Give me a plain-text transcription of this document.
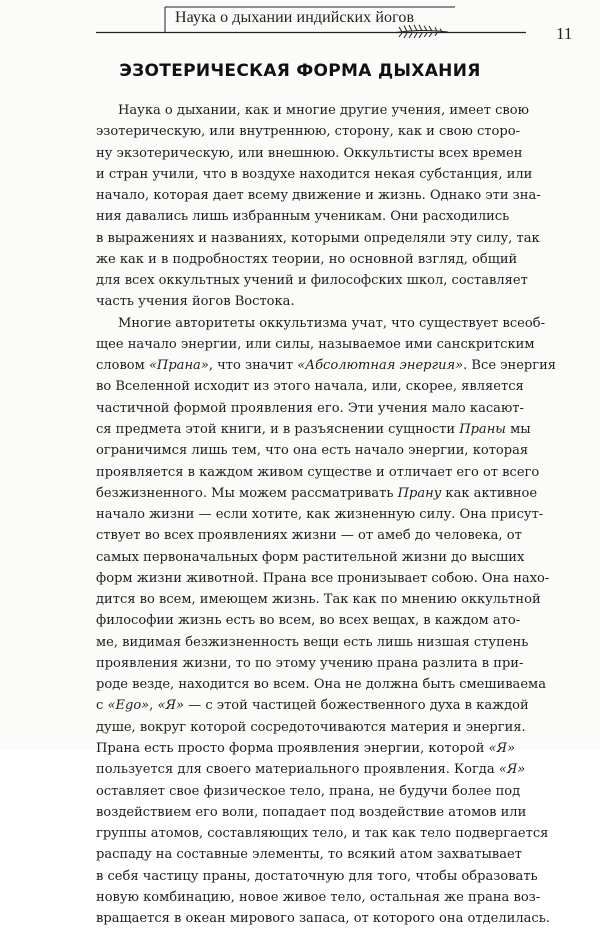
Наука о дыхании индийских йогов
11
ЭЗОТЕРИЧЕСКАЯ ФОРМА ДЫХАНИЯ
Наука о дыхании, как и многие другие учения, имеет свою
эзотерическую, или внутреннюю, сторону, как и свою сторо-
ну экзотерическую, или внешнюю. Оккультисты всех времен
и стран учили, что в воздухе находится некая субстанция, или
начало, которая дает всему движение и жизнь. Однако эти зна-
ния давались лишь избранным ученикам. Они расходились
в выражениях и названиях, которыми определяли эту силу, так
же как и в подробностях теории, но основной взгляд, общий
для всех оккультных учений и философских школ, составляет
часть учения йогов Востока.
Многие авторитеты оккультизма учат, что существует всеоб-
щее начало энергии, или силы, называемое ими санскритским
словом «Прана», что значит «Абсолютная энергия». Все энергия
во Вселенной исходит из этого начала, или, скорее, является
частичной формой проявления его. Эти учения мало касают-
ся предмета этой книги, и в разъяснении сущности Праны мы
ограничимся лишь тем, что она есть начало энергии, которая
проявляется в каждом живом существе и отличает его от всего
безжизненного. Мы можем рассматривать Прану как активное
начало жизни — если хотите, как жизненную силу. Она присут-
ствует во всех проявлениях жизни — от амеб до человека, от
самых первоначальных форм растительной жизни до высших
форм жизни животной. Прана все пронизывает собою. Она нахо-
дится во всем, имеющем жизнь. Так как по мнению оккультной
философии жизнь есть во всем, во всех вещах, в каждом ато-
ме, видимая безжизненность вещи есть лишь низшая ступень
проявления жизни, то по этому учению прана разлита в при-
роде везде, находится во всем. Она не должна быть смешиваема
с «Ego», «Я» — с этой частицей божественного духа в каждой
душе, вокруг которой сосредоточиваются материя и энергия.
Прана есть просто форма проявления энергии, которой «Я»
пользуется для своего материального проявления. Когда «Я»
оставляет свое физическое тело, прана, не будучи более под
воздействием его воли, попадает под воздействие атомов или
группы атомов, составляющих тело, и так как тело подвергается
распаду на составные элементы, то всякий атом захватывает
в себя частицу праны, достаточную для того, чтобы образовать
новую комбинацию, новое живое тело, остальная же прана воз-
вращается в океан мирового запаса, от которого она отделилась.
